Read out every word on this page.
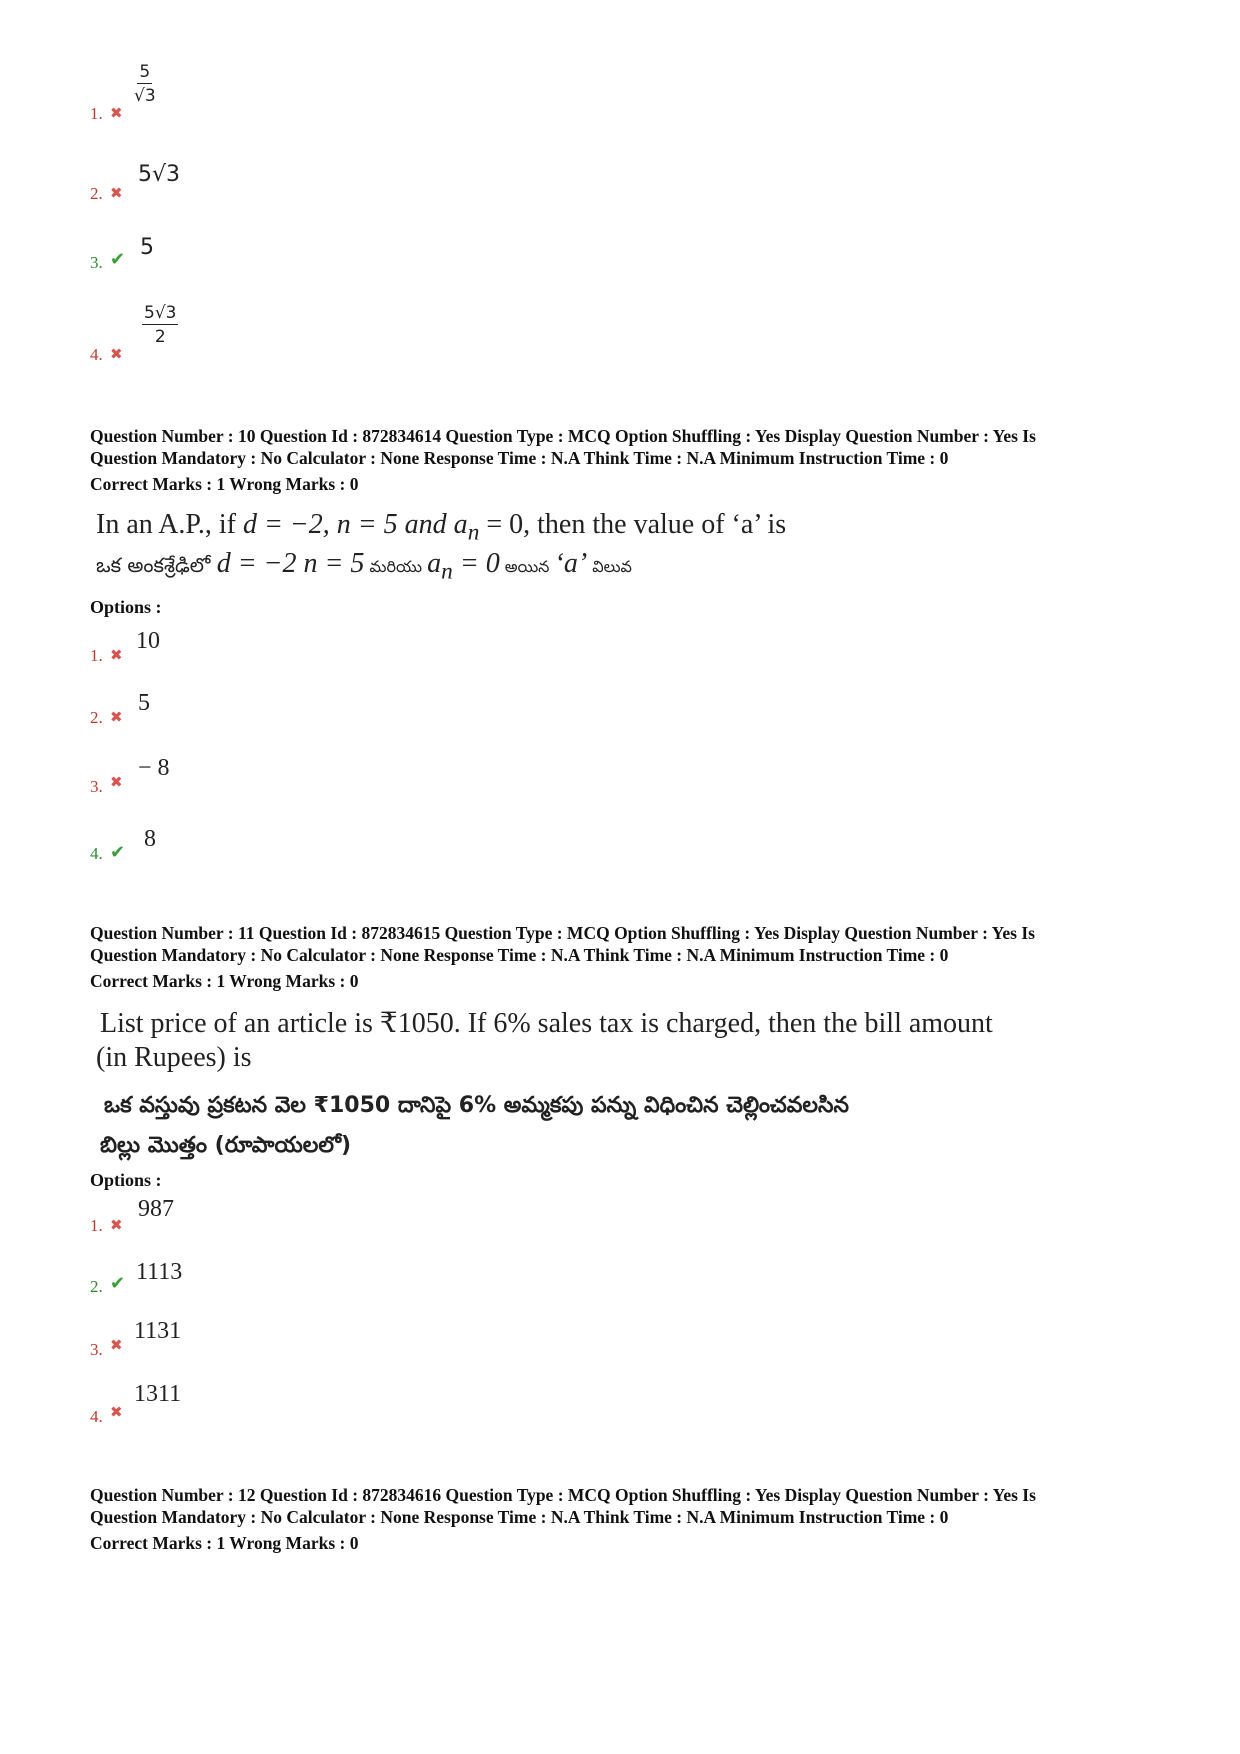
1. ✖
$\frac{5}{√3}$
2. ✖
5√3
3. ✔ 5
4. ✖
$\frac{5√3}{2}$
Question Number : 10 Question Id : 872834614 Question Type : MCQ Option Shuffling : Yes Display Question Number : Yes Is
Question Mandatory : No Calculator : None Response Time : N.A Think Time : N.A Minimum Instruction Time : 0
Correct Marks : 1 Wrong Marks : 0
In an A.P., if d = −2, n = 5 and $a_n = 0$, then the value of ‘a’ is
ఒక అంకశ్రేఢిలో d = −2 n = 5 మరియు $a_n = 0$ అయిన ‘a’ విలువ
Options :
1. ✖
10
2. ✖
5
3. ✖
− 8
4. ✔ 8
Question Number : 11 Question Id : 872834615 Question Type : MCQ Option Shuffling : Yes Display Question Number : Yes Is
Question Mandatory : No Calculator : None Response Time : N.A Think Time : N.A Minimum Instruction Time : 0
Correct Marks : 1 Wrong Marks : 0
List price of an article is ₹1050. If 6% sales tax is charged, then the bill amount
(in Rupees) is
ఒక వస్తువు ప్రకటన వెల ₹1050 దానిపై 6% అమ్మకపు పన్ను విధించిన చెల్లించవలసిన
బిల్లు మొత్తం (రూపాయలలో)
Options :
1. ✖
987
2. ✔ 1113
3. ✖
1131
4. ✖
1311
Question Number : 12 Question Id : 872834616 Question Type : MCQ Option Shuffling : Yes Display Question Number : Yes Is
Question Mandatory : No Calculator : None Response Time : N.A Think Time : N.A Minimum Instruction Time : 0
Correct Marks : 1 Wrong Marks : 0
